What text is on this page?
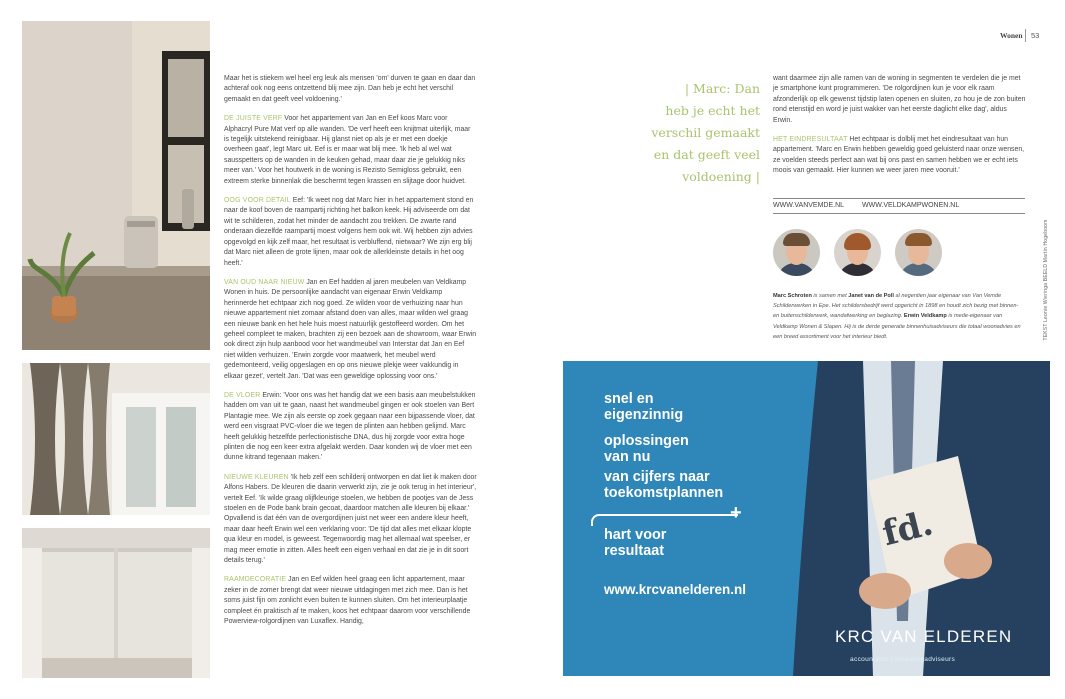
Maar het is stiekem wel heel erg leuk als mensen 'om' durven te gaan en daar dan achteraf ook nog eens ontzettend blij mee zijn. Dan heb je echt het verschil gemaakt en dat geeft veel voldoening.'

DE JUISTE VERF Voor het appartement van Jan en Eef koos Marc voor Alphacryl Pure Mat verf op alle wanden. 'De verf heeft een knijtmat uiterlijk, maar is tegelijk uitstekend reinigbaar. Hij glanst niet op als je er met een doekje overheen gaat', legt Marc uit. Eef is er maar wat blij mee. 'Ik heb al wel wat sausspetters op de wanden in de keuken gehad, maar daar zie je gelukkig niks meer van.' Voor het houtwerk in de woning is Rezisto Semigloss gebruikt, een extreem sterke binnenlak die beschermt tegen krassen en slijtage door huidvet.

OOG VOOR DETAIL Eef: 'Ik weet nog dat Marc hier in het appartement stond en naar de koof boven de raampartij richting het balkon keek. Hij adviseerde om dat wit te schilderen, zodat het minder de aandacht zou trekken. De zwarte rand onderaan diezelfde raampartij moest volgens hem ook wit. Wij hebben zijn advies opgevolgd en kijk zelf maar, het resultaat is verbluffend, nietwaar? We zijn erg blij dat Marc niet alleen de grote lijnen, maar ook de allerkleinste details in het oog heeft.'

VAN OUD NAAR NIEUW Jan en Eef hadden al jaren meubelen van Veldkamp Wonen in huis. De persoonlijke aandacht van eigenaar Erwin Veldkamp herinnerde het echtpaar zich nog goed. Ze wilden voor de verhuizing naar hun nieuwe appartement niet zomaar afstand doen van alles, maar wilden wel graag een nieuwe bank en het hele huis moest natuurlijk gestoffeerd worden. Om het geheel compleet te maken, brachten zij een bezoek aan de showroom, waar Erwin ook direct zijn hulp aanbood voor het wandmeubel van Interstar dat Jan en Eef niet wilden verhuizen. 'Erwin zorgde voor maatwerk, het meubel werd gedemonteerd, veilig opgeslagen en op ons nieuwe plekje weer vakkundig in elkaar gezet', vertelt Jan. 'Dat was een geweldige oplossing voor ons.'

DE VLOER Erwin: 'Voor ons was het handig dat we een basis aan meubelstukken hadden om van uit te gaan, naast het wandmeubel gingen er ook stoelen van Bert Plantagie mee. We zijn als eerste op zoek gegaan naar een bijpassende vloer, dat werd een visgraat PVC-vloer die we tegen de plinten aan hebben gelijmd. Marc heeft gelukkig hetzelfde perfectionistische DNA, dus hij zorgde voor extra hoge plinten die nog een keer extra afgelakt werden. Daar konden wij de vloer met een dunne kitrand tegenaan maken.'

NIEUWE KLEUREN 'Ik heb zelf een schilderij ontworpen en dat liet ik maken door Alfons Habers. De kleuren die daarin verwerkt zijn, zie je ook terug in het interieur', vertelt Eef. 'Ik wilde graag olijfkleurige stoelen, we hebben de pootjes van de Jess stoelen en de Pode bank brain gecoat, daardoor matchen alle kleuren bij elkaar.' Opvallend is dat één van de overgordijnen juist net weer een andere kleur heeft, maar daar heeft Erwin wel een verklaring voor: 'De tijd dat alles met elkaar klopte qua kleur en model, is geweest. Tegenwoordig mag het allemaal wat speelser, er mag meer emotie in zitten. Alles heeft een eigen verhaal en dat zie je in dit soort details terug.'

RAAMDECORATIE Jan en Eef wilden heel graag een licht appartement, maar zeker in de zomer brengt dat weer nieuwe uitdagingen met zich mee. Dan is het soms juist fijn om zonlicht even buiten te kunnen sluiten. Om het interieurplaatje compleet én praktisch af te maken, koos het echtpaar daarom voor verschillende Powerview-rolgordijnen van Luxaflex. Handig,

| Marc: Dan
heb je echt het
verschil gemaakt
en dat geeft veel
voldoening |
Wonen 53

want daarmee zijn alle ramen van de woning in segmenten te verdelen die je met je smartphone kunt programmeren. 'De rolgordijnen kun je voor elk raam afzonderlijk op elk gewenst tijdstip laten openen en sluiten, zo hou je de zon buiten rond etenstijd en word je juist wakker van het eerste daglicht elke dag', aldus Erwin.

HET EINDRESULTAAT Het echtpaar is dolblij met het eindresultaat van hun appartement. 'Marc en Erwin hebben geweldig goed geluisterd naar onze wensen, ze voelden steeds perfect aan wat bij ons past en samen hebben we er echt iets moois van gemaakt. Hier kunnen we weer jaren mee vooruit.'

WWW.VANVEMDE.NL	WWW.VELDKAMPWONEN.NL
Marc Schroten is samen met Janet van de Poll al negentien jaar eigenaar van Van Vemde Schilderwerken in Epe. Het schildersbedrijf werd opgericht in 1898 en houdt zich bezig met binnen- en buitenschilderwerk, wandafwerking en beglazing. Erwin Veldkamp is mede-eigenaar van Veldkamp Wonen & Slapen. Hij is de derde generatie binnenhuisadviseurs die totaal woonadvies en een breed assortiment voor het interieur biedt.	TEKST Leonie Wieringa BEELD Martin Hogeboom
fd.
snel en
eigenzinnig
oplossingen
van nu
van cijfers naar
toekomstplannen
+
hart voor
resultaat
www.krcvanelderen.nl
KRC VAN ELDEREN
accountants | belastingadviseurs
